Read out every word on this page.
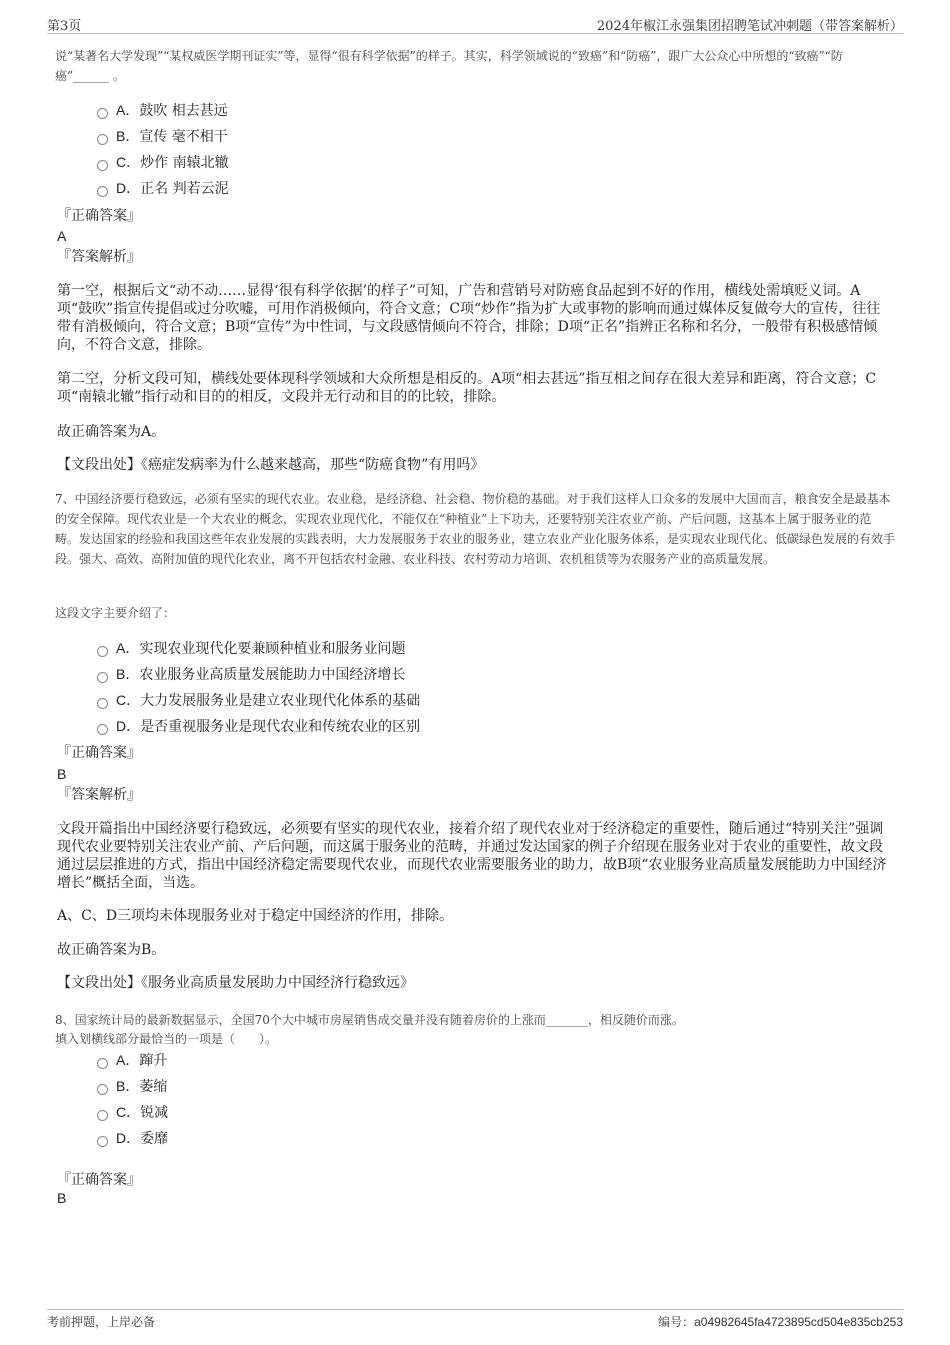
第3页	2024年椒江永强集团招聘笔试冲刺题（带答案解析）
说“某著名大学发现”“某权威医学期刊证实”等，显得“很有科学依据”的样子。其实，科学领域说的“致癌”和“防癌”，跟广大公众心中所想的“致癌”“防癌”______ 。
A．鼓吹 相去甚远
B．宣传 毫不相干
C．炒作 南辕北辙
D．正名 判若云泥
『正确答案』
A
『答案解析』

第一空，根据后文“动不动……显得‘很有科学依据’的样子”可知，广告和营销号对防癌食品起到不好的作用，横线处需填贬义词。A项“鼓吹”指宣传提倡或过分吹嘘，可用作消极倾向，符合文意；C项“炒作”指为扩大或事物的影响而通过媒体反复做夸大的宣传，往往带有消极倾向，符合文意；B项“宣传”为中性词，与文段感情倾向不符合，排除；D项“正名”指辨正名称和名分，一般带有积极感情倾向，不符合文意，排除。

第二空，分析文段可知，横线处要体现科学领域和大众所想是相反的。A项“相去甚远”指互相之间存在很大差异和距离，符合文意；C项“南辕北辙”指行动和目的的相反，文段并无行动和目的的比较，排除。

故正确答案为A。

【文段出处】《癌症发病率为什么越来越高，那些“防癌食物”有用吗》

7、中国经济要行稳致远，必须有坚实的现代农业。农业稳，是经济稳、社会稳、物价稳的基础。对于我们这样人口众多的发展中大国而言，粮食安全是最基本的安全保障。现代农业是一个大农业的概念，实现农业现代化，不能仅在“种植业”上下功夫，还要特别关注农业产前、产后问题，这基本上属于服务业的范畴。发达国家的经验和我国这些年农业发展的实践表明，大力发展服务于农业的服务业，建立农业产业化服务体系，是实现农业现代化、低碳绿色发展的有效手段。强大、高效、高附加值的现代化农业，离不开包括农村金融、农业科技、农村劳动力培训、农机租赁等为农服务产业的高质量发展。
这段文字主要介绍了：
A．实现农业现代化要兼顾种植业和服务业问题
B．农业服务业高质量发展能助力中国经济增长
C．大力发展服务业是建立农业现代化体系的基础
D．是否重视服务业是现代农业和传统农业的区别
『正确答案』
B
『答案解析』

文段开篇指出中国经济要行稳致远，必须要有坚实的现代农业，接着介绍了现代农业对于经济稳定的重要性，随后通过“特别关注”强调现代农业要特别关注农业产前、产后问题，而这属于服务业的范畴，并通过发达国家的例子介绍现在服务业对于农业的重要性，故文段通过层层推进的方式，指出中国经济稳定需要现代农业，而现代农业需要服务业的助力，故B项“农业服务业高质量发展能助力中国经济增长”概括全面，当选。

A、C、D三项均未体现服务业对于稳定中国经济的作用，排除。

故正确答案为B。

【文段出处】《服务业高质量发展助力中国经济行稳致远》

8、国家统计局的最新数据显示，全国70个大中城市房屋销售成交量并没有随着房价的上涨而_______，相反随价而涨。
填入划横线部分最恰当的一项是（　　）。
A．蹿升
B．萎缩
C．锐减
D．委靡
『正确答案』
B
考前押题，上岸必备	编号：a04982645fa4723895cd504e835cb253
